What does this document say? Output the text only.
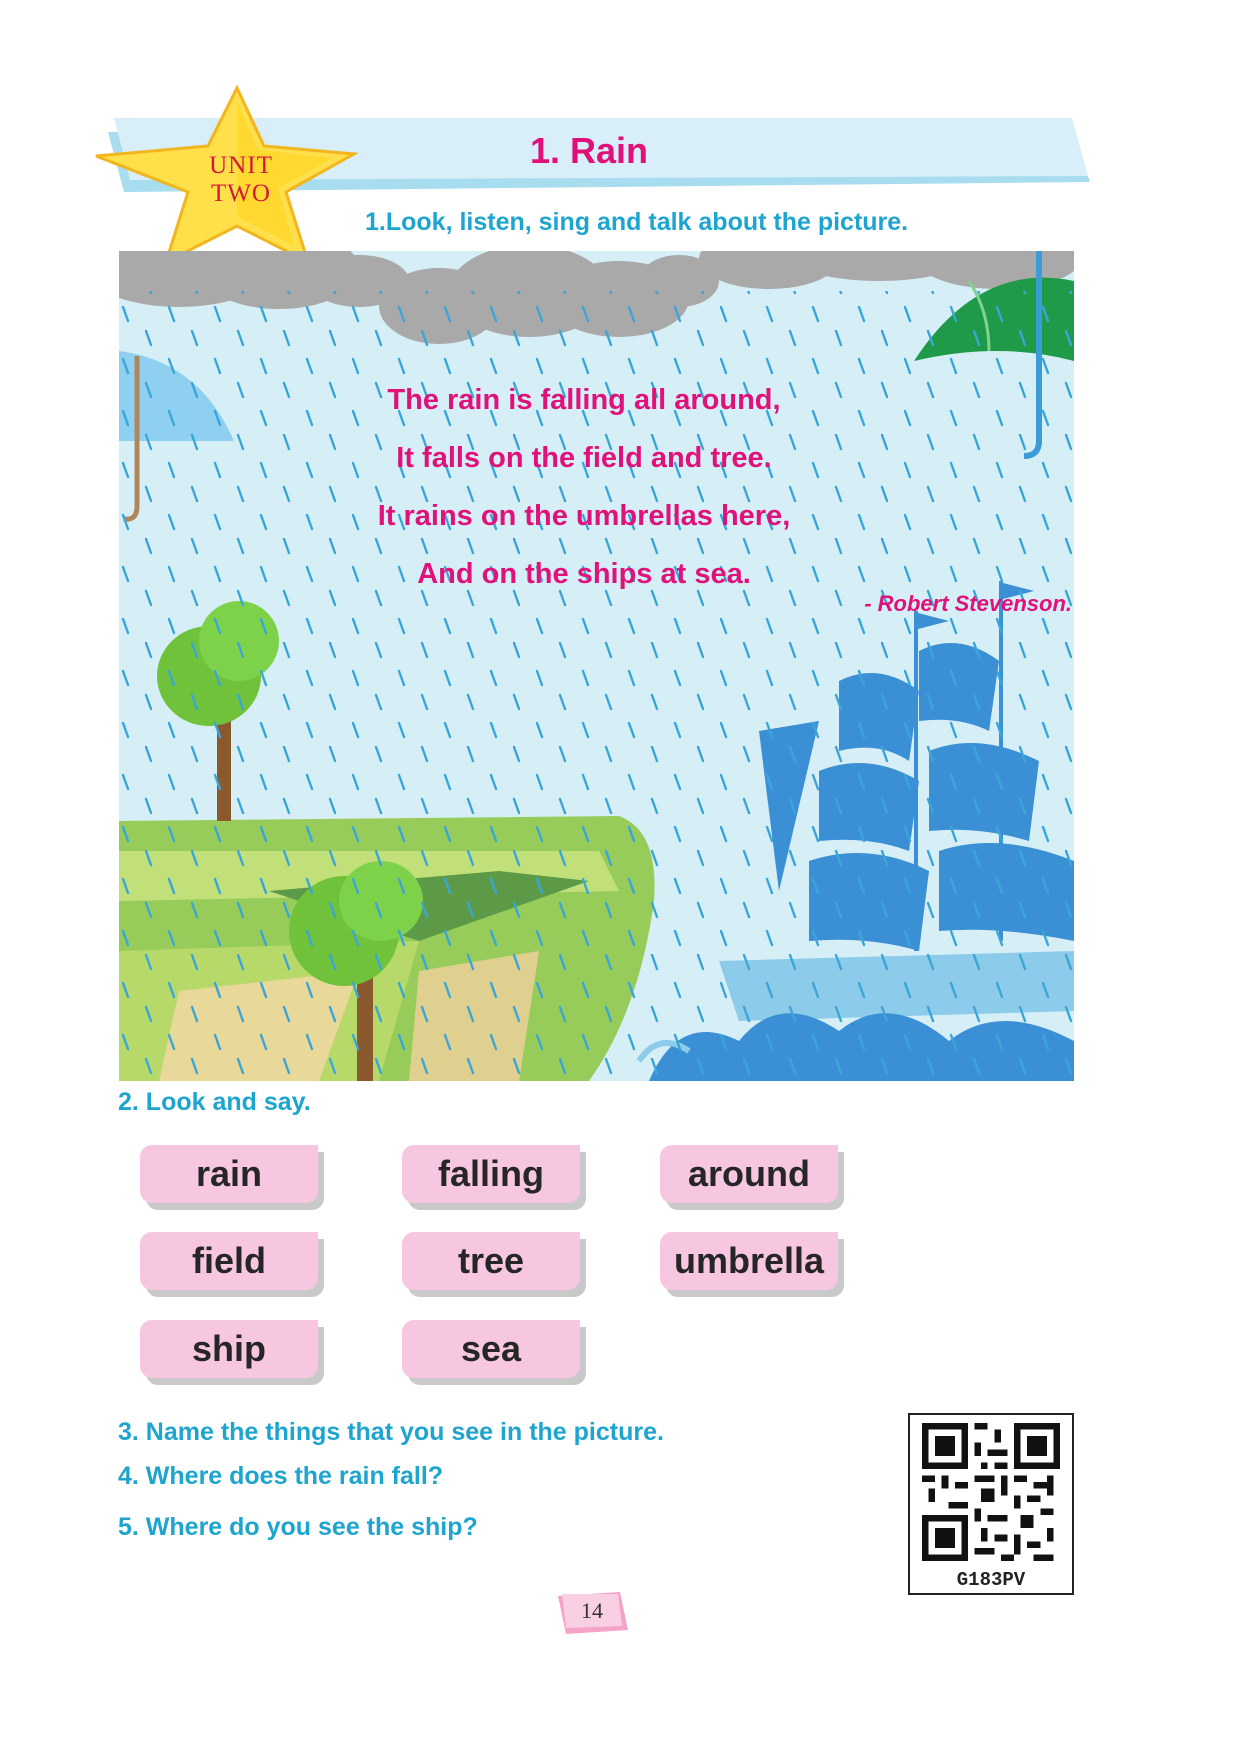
UNIT
TWO
1. Rain
1.Look, listen, sing and talk about the picture.
The rain is falling all around,
It falls on the field and tree.
It rains on the umbrellas here,
And on the ships at sea.
- Robert Stevenson.
2. Look and say.
rain	falling	around
field	tree	umbrella
ship	sea
3. Name the things that you see in the picture.
4. Where does the rain fall?
5. Where do you see the ship?
G183PV
14
